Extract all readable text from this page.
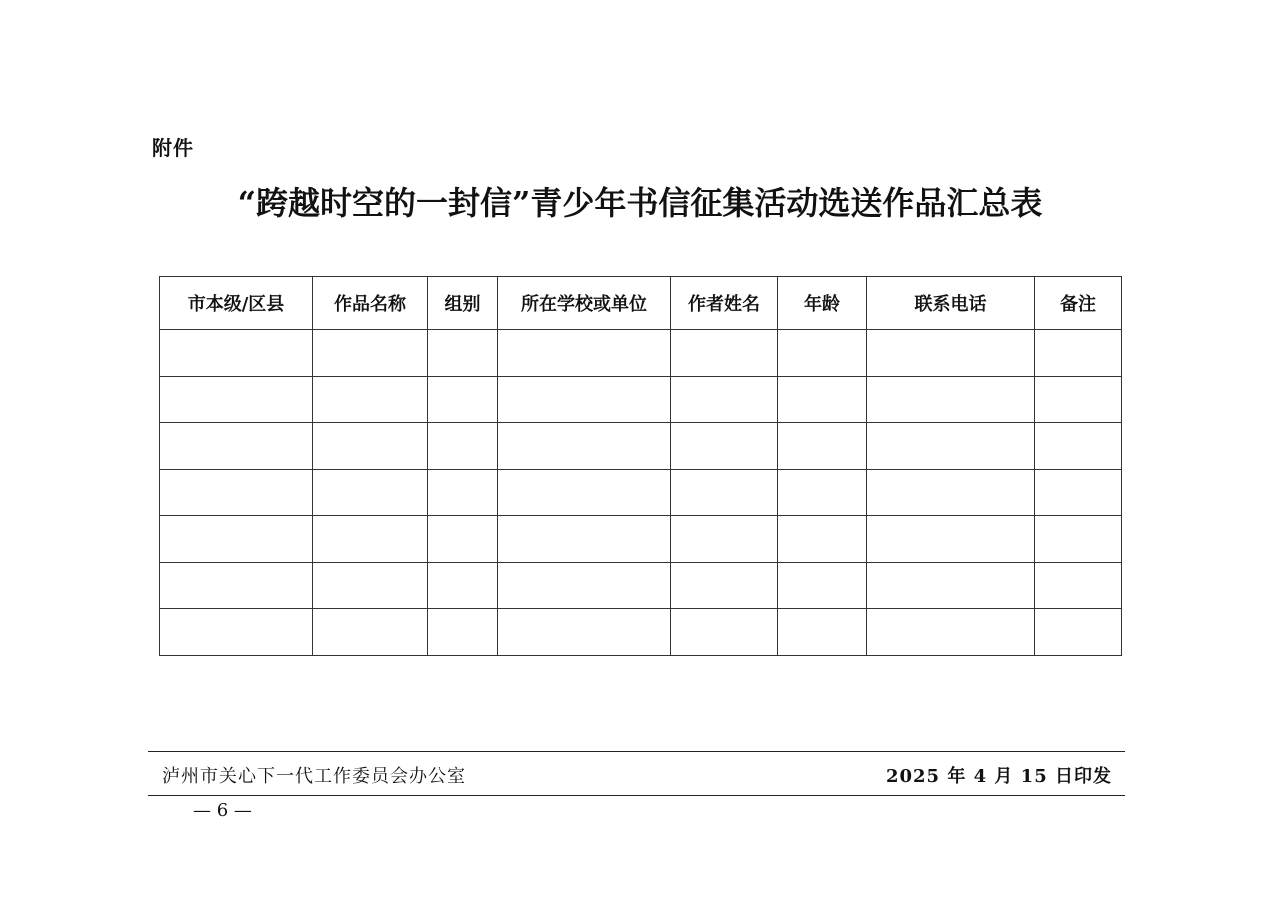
附件
“跨越时空的一封信”青少年书信征集活动选送作品汇总表
市本级/区县	作品名称	组别	所在学校或单位	作者姓名	年龄	联系电话	备注

泸州市关心下一代工作委员会办公室	2025 年 4 月 15 日印发
— 6 —
